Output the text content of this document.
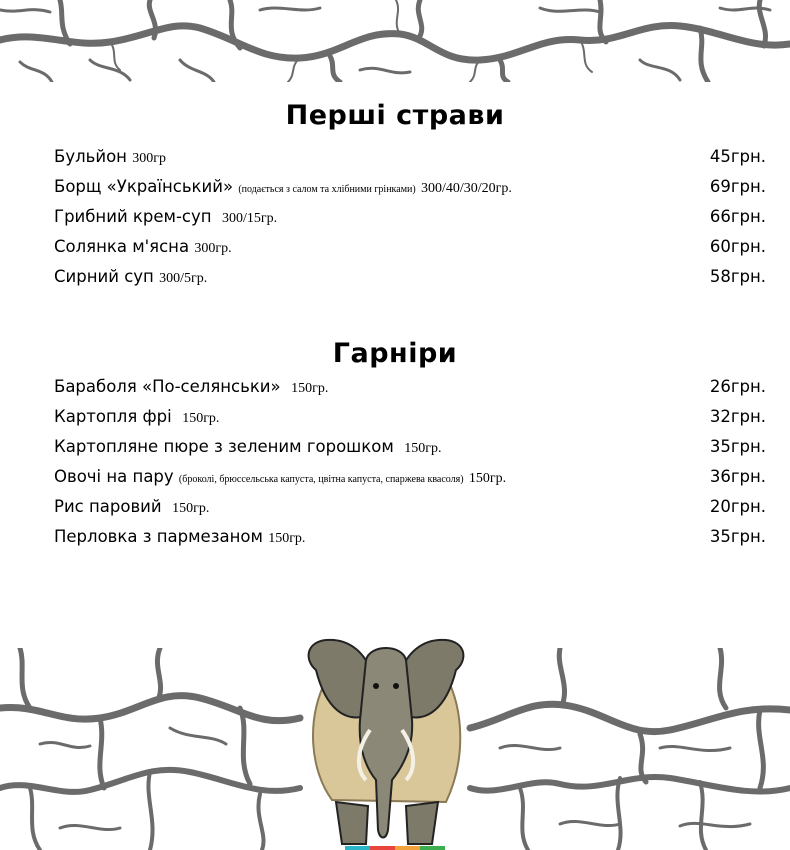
Перші страви
Бульйон 300гр	45грн.
Борщ «Український» (подається з салом та хлібними грінками) 300/40/30/20гр.	69грн.
Грибний крем-суп 300/15гр.	66грн.
Солянка м'ясна 300гр.	60грн.
Сирний суп 300/5гр.	58грн.
Гарніри
Бараболя «По-селянськи» 150гр.	26грн.
Картопля фрі 150гр.	32грн.
Картопляне пюре з зеленим горошком 150гр.	35грн.
Овочі на пару (броколі, брюссельська капуста, цвітна капуста, спаржева квасоля) 150гр.	36грн.
Рис паровий 150гр.	20грн.
Перловка з пармезаном 150гр.	35грн.
